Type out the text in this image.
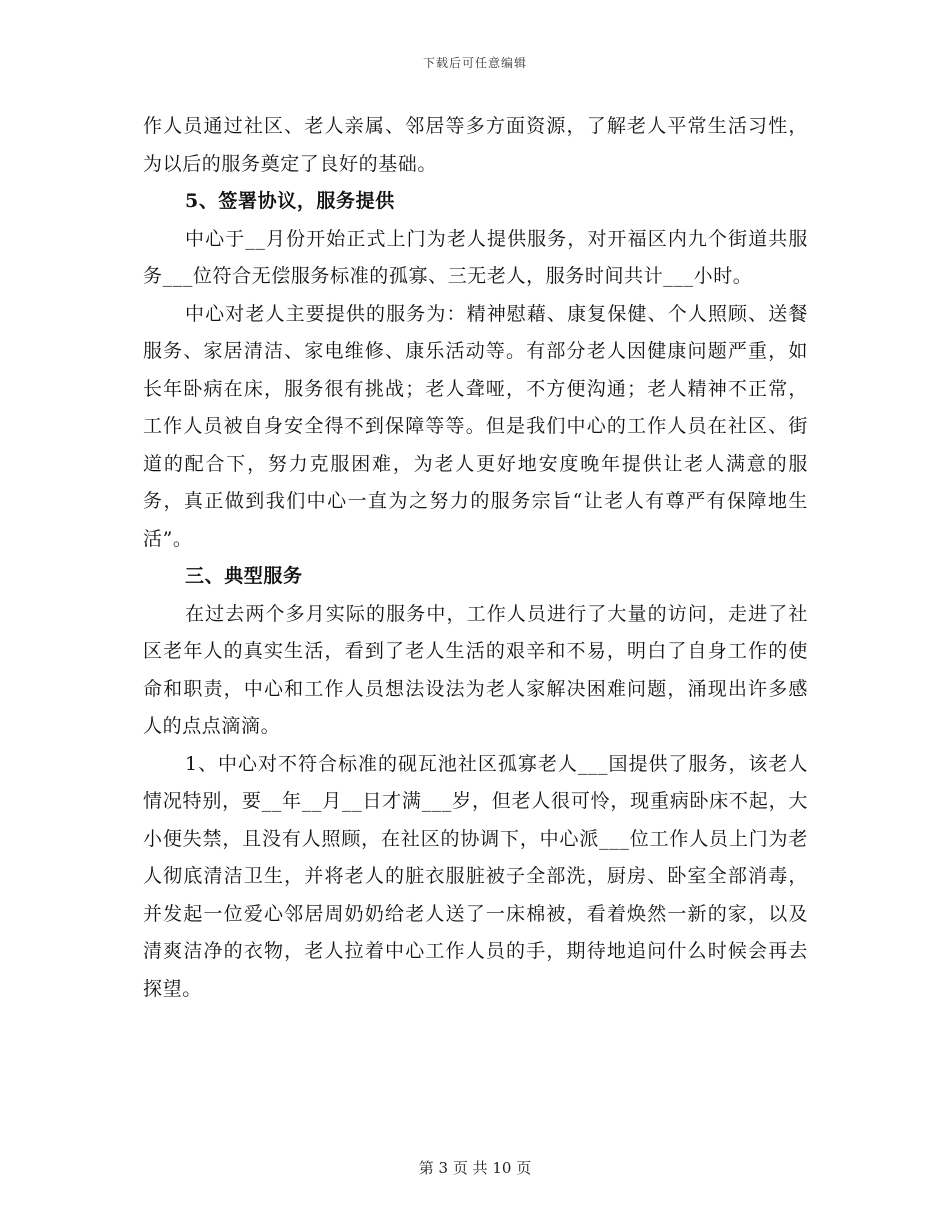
下载后可任意编辑

作人员通过社区、老人亲属、邻居等多方面资源，了解老人平常生活习性，为以后的服务奠定了良好的基础。

5、签署协议，服务提供

中心于__月份开始正式上门为老人提供服务，对开福区内九个街道共服务___位符合无偿服务标准的孤寡、三无老人，服务时间共计___小时。

中心对老人主要提供的服务为：精神慰藉、康复保健、个人照顾、送餐服务、家居清洁、家电维修、康乐活动等。有部分老人因健康问题严重，如长年卧病在床，服务很有挑战；老人聋哑，不方便沟通；老人精神不正常，工作人员被自身安全得不到保障等等。但是我们中心的工作人员在社区、街道的配合下，努力克服困难，为老人更好地安度晚年提供让老人满意的服务，真正做到我们中心一直为之努力的服务宗旨“让老人有尊严有保障地生活”。

三、典型服务

在过去两个多月实际的服务中，工作人员进行了大量的访问，走进了社区老年人的真实生活，看到了老人生活的艰辛和不易，明白了自身工作的使命和职责，中心和工作人员想法设法为老人家解决困难问题，涌现出许多感人的点点滴滴。

1、中心对不符合标准的砚瓦池社区孤寡老人___国提供了服务，该老人情况特别，要__年__月__日才满___岁，但老人很可怜，现重病卧床不起，大小便失禁，且没有人照顾，在社区的协调下，中心派___位工作人员上门为老人彻底清洁卫生，并将老人的脏衣服脏被子全部洗，厨房、卧室全部消毒，并发起一位爱心邻居周奶奶给老人送了一床棉被，看着焕然一新的家，以及清爽洁净的衣物，老人拉着中心工作人员的手，期待地追问什么时候会再去探望。

第 3 页 共 10 页
